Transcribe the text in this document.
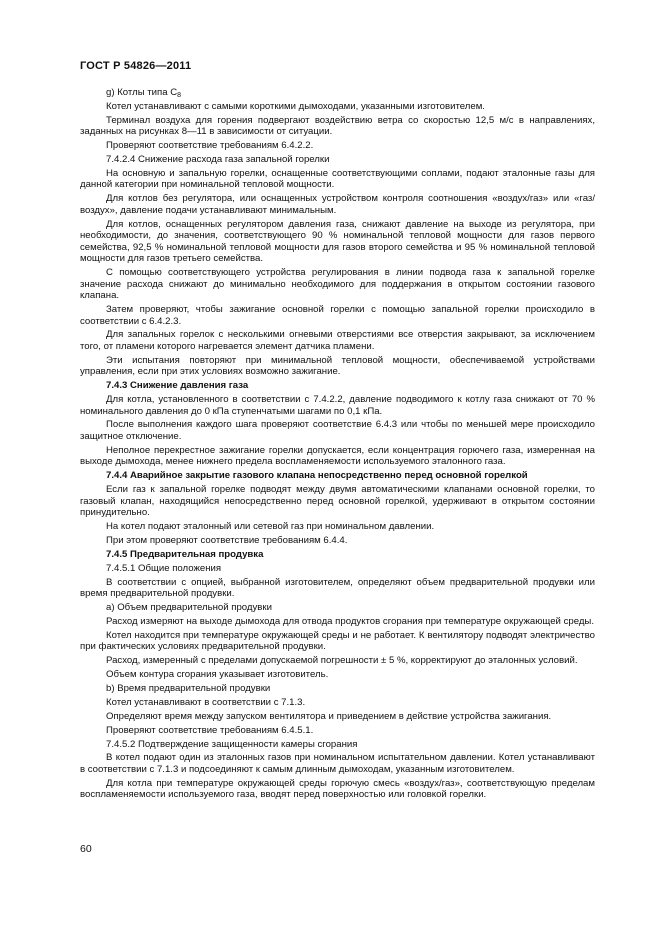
ГОСТ Р 54826—2011

g) Котлы типа $C_8$

Котел устанавливают с самыми короткими дымоходами, указанными изготовителем.

Терминал воздуха для горения подвергают воздействию ветра со скоростью 12,5 м/с в направлениях, заданных на рисунках 8—11 в зависимости от ситуации.

Проверяют соответствие требованиям 6.4.2.2.

7.4.2.4 Снижение расхода газа запальной горелки

На основную и запальную горелки, оснащенные соответствующими соплами, подают эталонные газы для данной категории при номинальной тепловой мощности.

Для котлов без регулятора, или оснащенных устройством контроля соотношения «воздух/газ» или «газ/воздух», давление подачи устанавливают минимальным.

Для котлов, оснащенных регулятором давления газа, снижают давление на выходе из регулятора, при необходимости, до значения, соответствующего 90 % номинальной тепловой мощности для газов первого семейства, 92,5 % номинальной тепловой мощности для газов второго семейства и 95 % номинальной тепловой мощности для газов третьего семейства.

С помощью соответствующего устройства регулирования в линии подвода газа к запальной горелке значение расхода снижают до минимально необходимого для поддержания в открытом состоянии газового клапана.

Затем проверяют, чтобы зажигание основной горелки с помощью запальной горелки происходило в соответствии с 6.4.2.3.

Для запальных горелок с несколькими огневыми отверстиями все отверстия закрывают, за исключением того, от пламени которого нагревается элемент датчика пламени.

Эти испытания повторяют при минимальной тепловой мощности, обеспечиваемой устройствами управления, если при этих условиях возможно зажигание.

7.4.3 Снижение давления газа

Для котла, установленного в соответствии с 7.4.2.2, давление подводимого к котлу газа снижают от 70 % номинального давления до 0 кПа ступенчатыми шагами по 0,1 кПа.

После выполнения каждого шага проверяют соответствие 6.4.3 или чтобы по меньшей мере происходило защитное отключение.

Неполное перекрестное зажигание горелки допускается, если концентрация горючего газа, измеренная на выходе дымохода, менее нижнего предела воспламеняемости используемого эталонного газа.

7.4.4 Аварийное закрытие газового клапана непосредственно перед основной горелкой

Если газ к запальной горелке подводят между двумя автоматическими клапанами основной горелки, то газовый клапан, находящийся непосредственно перед основной горелкой, удерживают в открытом состоянии принудительно.

На котел подают эталонный или сетевой газ при номинальном давлении.

При этом проверяют соответствие требованиям 6.4.4.

7.4.5 Предварительная продувка

7.4.5.1 Общие положения

В соответствии с опцией, выбранной изготовителем, определяют объем предварительной продувки или время предварительной продувки.

а) Объем предварительной продувки

Расход измеряют на выходе дымохода для отвода продуктов сгорания при температуре окружающей среды.

Котел находится при температуре окружающей среды и не работает. К вентилятору подводят электричество при фактических условиях предварительной продувки.

Расход, измеренный с пределами допускаемой погрешности ± 5 %, корректируют до эталонных условий.

Объем контура сгорания указывает изготовитель.

b) Время предварительной продувки

Котел устанавливают в соответствии с 7.1.3.

Определяют время между запуском вентилятора и приведением в действие устройства зажигания.

Проверяют соответствие требованиям 6.4.5.1.

7.4.5.2 Подтверждение защищенности камеры сгорания

В котел подают один из эталонных газов при номинальном испытательном давлении. Котел устанавливают в соответствии с 7.1.3 и подсоединяют к самым длинным дымоходам, указанным изготовителем.

Для котла при температуре окружающей среды горючую смесь «воздух/газ», соответствующую пределам воспламеняемости используемого газа, вводят перед поверхностью или головкой горелки.

60
